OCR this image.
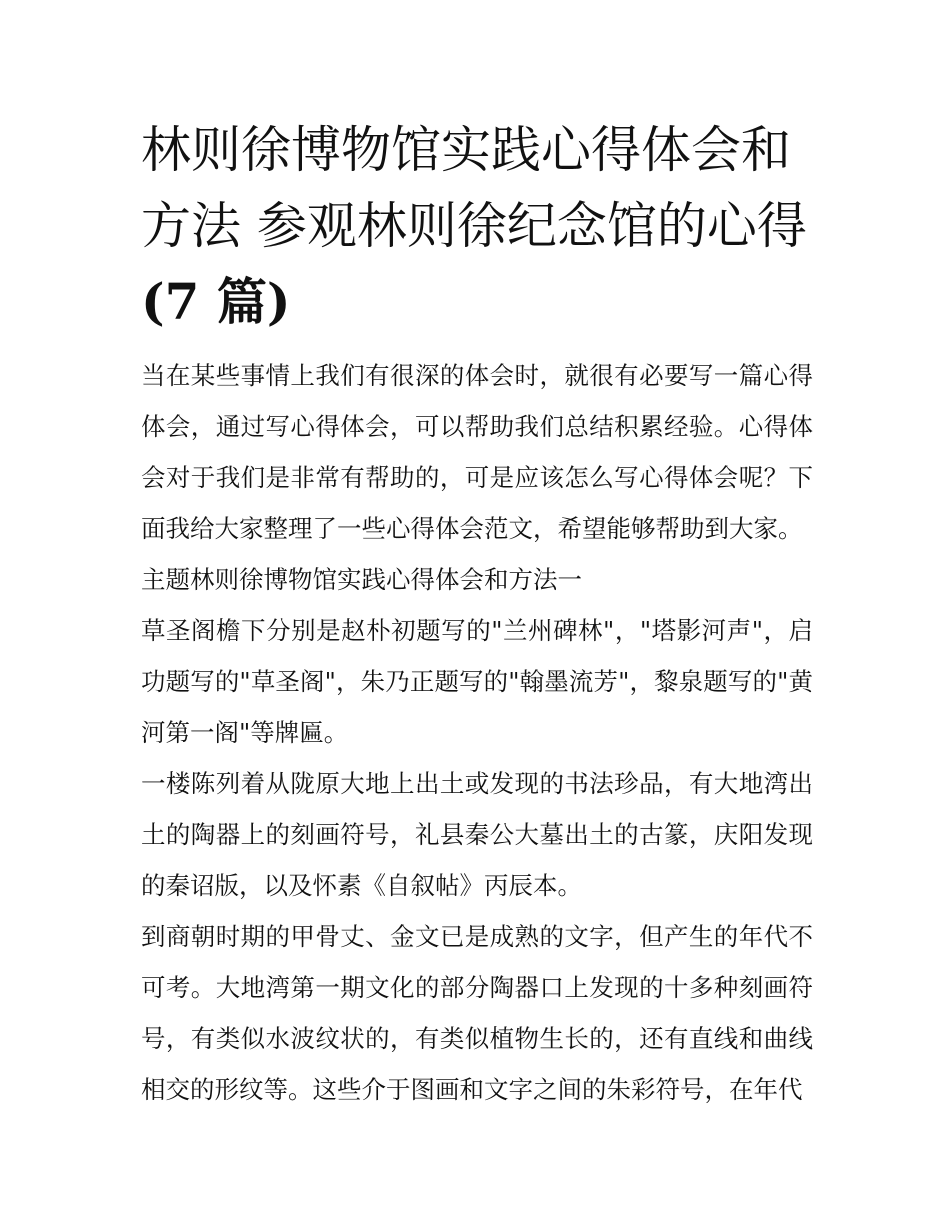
林则徐博物馆实践心得体会和
方法 参观林则徐纪念馆的心得
(7 篇)

当在某些事情上我们有很深的体会时，就很有必要写一篇心得体会，通过写心得体会，可以帮助我们总结积累经验。心得体会对于我们是非常有帮助的，可是应该怎么写心得体会呢？下面我给大家整理了一些心得体会范文，希望能够帮助到大家。

主题林则徐博物馆实践心得体会和方法一

草圣阁檐下分别是赵朴初题写的"兰州碑林"，"塔影河声"，启功题写的"草圣阁"，朱乃正题写的"翰墨流芳"，黎泉题写的"黄河第一阁"等牌匾。

一楼陈列着从陇原大地上出土或发现的书法珍品，有大地湾出土的陶器上的刻画符号，礼县秦公大墓出土的古篆，庆阳发现的秦诏版，以及怀素《自叙帖》丙辰本。

到商朝时期的甲骨丈、金文已是成熟的文字，但产生的年代不可考。大地湾第一期文化的部分陶器口上发现的十多种刻画符号，有类似水波纹状的，有类似植物生长的，还有直线和曲线相交的形纹等。这些介于图画和文字之间的朱彩符号，在年代
